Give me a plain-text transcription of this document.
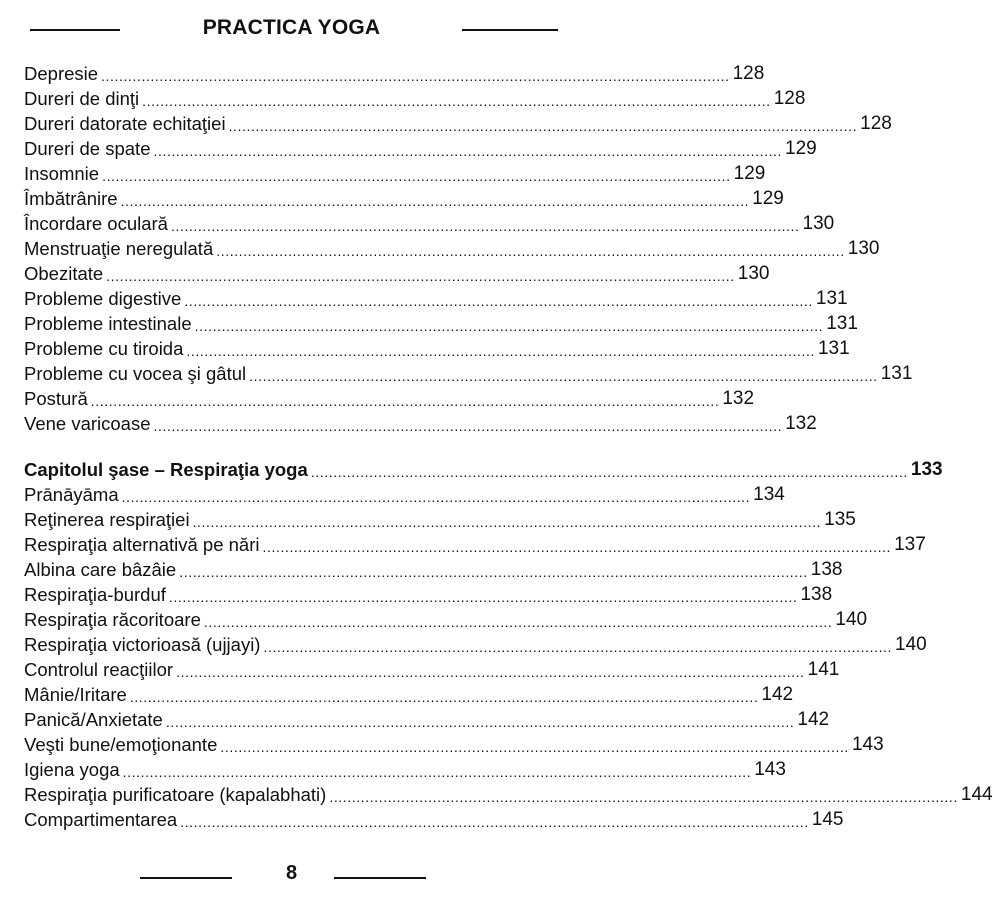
PRACTICA YOGA
Depresie ............................................................................................................................................ 128
Dureri de dinţi ............................................................................................................................................ 128
Dureri datorate echitaţiei ............................................................................................................................................ 128
Dureri de spate ............................................................................................................................................ 129
Insomnie ............................................................................................................................................ 129
Îmbătrânire ............................................................................................................................................ 129
Încordare oculară ............................................................................................................................................ 130
Menstruaţie neregulată ............................................................................................................................................ 130
Obezitate ............................................................................................................................................ 130
Probleme digestive ............................................................................................................................................ 131
Probleme intestinale ............................................................................................................................................ 131
Probleme cu tiroida ............................................................................................................................................ 131
Probleme cu vocea şi gâtul ............................................................................................................................................ 131
Postură ............................................................................................................................................ 132
Vene varicoase ............................................................................................................................................ 132
Capitolul şase – Respiraţia yoga ..................................................................................................................................... 133
Prānāyāma ............................................................................................................................................ 134
Reţinerea respiraţiei ............................................................................................................................................ 135
Respiraţia alternativă pe nări ............................................................................................................................................ 137
Albina care bâzâie ............................................................................................................................................ 138
Respiraţia-burduf ............................................................................................................................................ 138
Respiraţia răcoritoare ............................................................................................................................................ 140
Respiraţia victorioasă (ujjayi) ............................................................................................................................................ 140
Controlul reacţiilor ............................................................................................................................................ 141
Mânie/Iritare ............................................................................................................................................ 142
Panică/Anxietate ............................................................................................................................................ 142
Veşti bune/emoţionante ............................................................................................................................................ 143
Igiena yoga ............................................................................................................................................ 143
Respiraţia purificatoare (kapalabhati) ............................................................................................................................................ 144
Compartimentarea ............................................................................................................................................ 145
8
